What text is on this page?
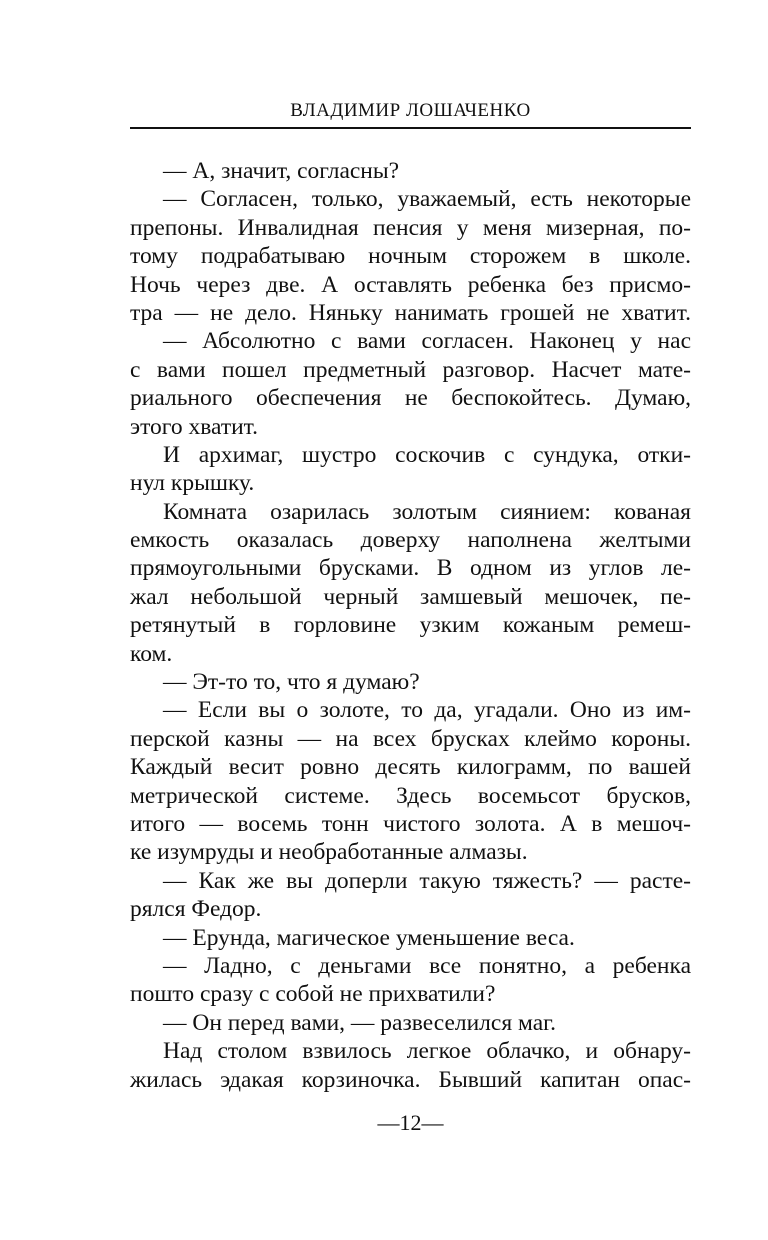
ВЛАДИМИР ЛОШАЧЕНКО
— А, значит, согласны?
— Согласен, только, уважаемый, есть некоторые
препоны. Инвалидная пенсия у меня мизерная, по-
тому подрабатываю ночным сторожем в школе.
Ночь через две. А оставлять ребенка без присмо-
тра — не дело. Няньку нанимать грошей не хватит.
— Абсолютно с вами согласен. Наконец у нас
с вами пошел предметный разговор. Насчет мате-
риального обеспечения не беспокойтесь. Думаю,
этого хватит.
И архимаг, шустро соскочив с сундука, отки-
нул крышку.
Комната озарилась золотым сиянием: кованая
емкость оказалась доверху наполнена желтыми
прямоугольными брусками. В одном из углов ле-
жал небольшой черный замшевый мешочек, пе-
ретянутый в горловине узким кожаным ремеш-
ком.
— Эт-то то, что я думаю?
— Если вы о золоте, то да, угадали. Оно из им-
перской казны — на всех брусках клеймо короны.
Каждый весит ровно десять килограмм, по вашей
метрической системе. Здесь восемьсот брусков,
итого — восемь тонн чистого золота. А в мешоч-
ке изумруды и необработанные алмазы.
— Как же вы доперли такую тяжесть? — расте-
рялся Федор.
— Ерунда, магическое уменьшение веса.
— Ладно, с деньгами все понятно, а ребенка
пошто сразу с собой не прихватили?
— Он перед вами, — развеселился маг.
Над столом взвилось легкое облачко, и обнару-
жилась эдакая корзиночка. Бывший капитан опас-
—12—
